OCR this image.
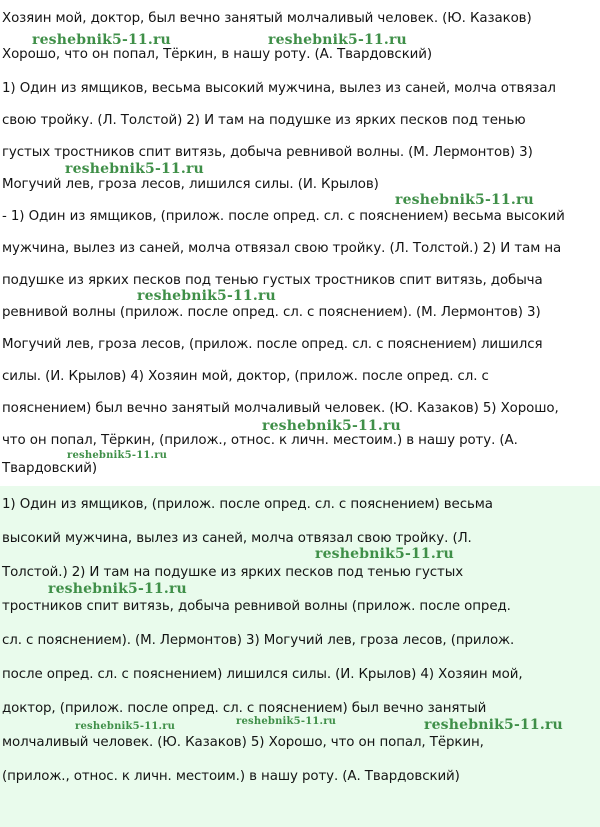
Хозяин мой, доктор, был вечно занятый молчаливый человек. (Ю. Казаков)
Хорошо, что он попал, Тёркин, в нашу роту. (А. Твардовский)
1) Один из ямщиков, весьма высокий мужчина, вылез из саней, молча отвязал
свою тройку. (Л. Толстой) 2) И там на подушке из ярких песков под тенью
густых тростников спит витязь, добыча ревнивой волны. (М. Лермонтов) 3)
Могучий лев, гроза лесов, лишился силы. (И. Крылов)
- 1) Один из ямщиков, (прилож. после опред. сл. с пояснением) весьма высокий
мужчина, вылез из саней, молча отвязал свою тройку. (Л. Толстой.) 2) И там на
подушке из ярких песков под тенью густых тростников спит витязь, добыча
ревнивой волны (прилож. после опред. сл. с пояснением). (М. Лермонтов) 3)
Могучий лев, гроза лесов, (прилож. после опред. сл. с пояснением) лишился
силы. (И. Крылов) 4) Хозяин мой, доктор, (прилож. после опред. сл. с
пояснением) был вечно занятый молчаливый человек. (Ю. Казаков) 5) Хорошо,
что он попал, Тёркин, (прилож., относ. к личн. местоим.) в нашу роту. (А.
Твардовский)
1) Один из ямщиков, (прилож. после опред. сл. с пояснением) весьма
высокий мужчина, вылез из саней, молча отвязал свою тройку. (Л.
Толстой.) 2) И там на подушке из ярких песков под тенью густых
тростников спит витязь, добыча ревнивой волны (прилож. после опред.
сл. с пояснением). (М. Лермонтов) 3) Могучий лев, гроза лесов, (прилож.
после опред. сл. с пояснением) лишился силы. (И. Крылов) 4) Хозяин мой,
доктор, (прилож. после опред. сл. с пояснением) был вечно занятый
молчаливый человек. (Ю. Казаков) 5) Хорошо, что он попал, Тёркин,
(прилож., относ. к личн. местоим.) в нашу роту. (А. Твардовский)
reshebnik5-11.ru	reshebnik5-11.ru
reshebnik5-11.ru
reshebnik5-11.ru
reshebnik5-11.ru
reshebnik5-11.ru
reshebnik5-11.ru
reshebnik5-11.ru
reshebnik5-11.ru
reshebnik5-11.ru	reshebnik5-11.ru	reshebnik5-11.ru
